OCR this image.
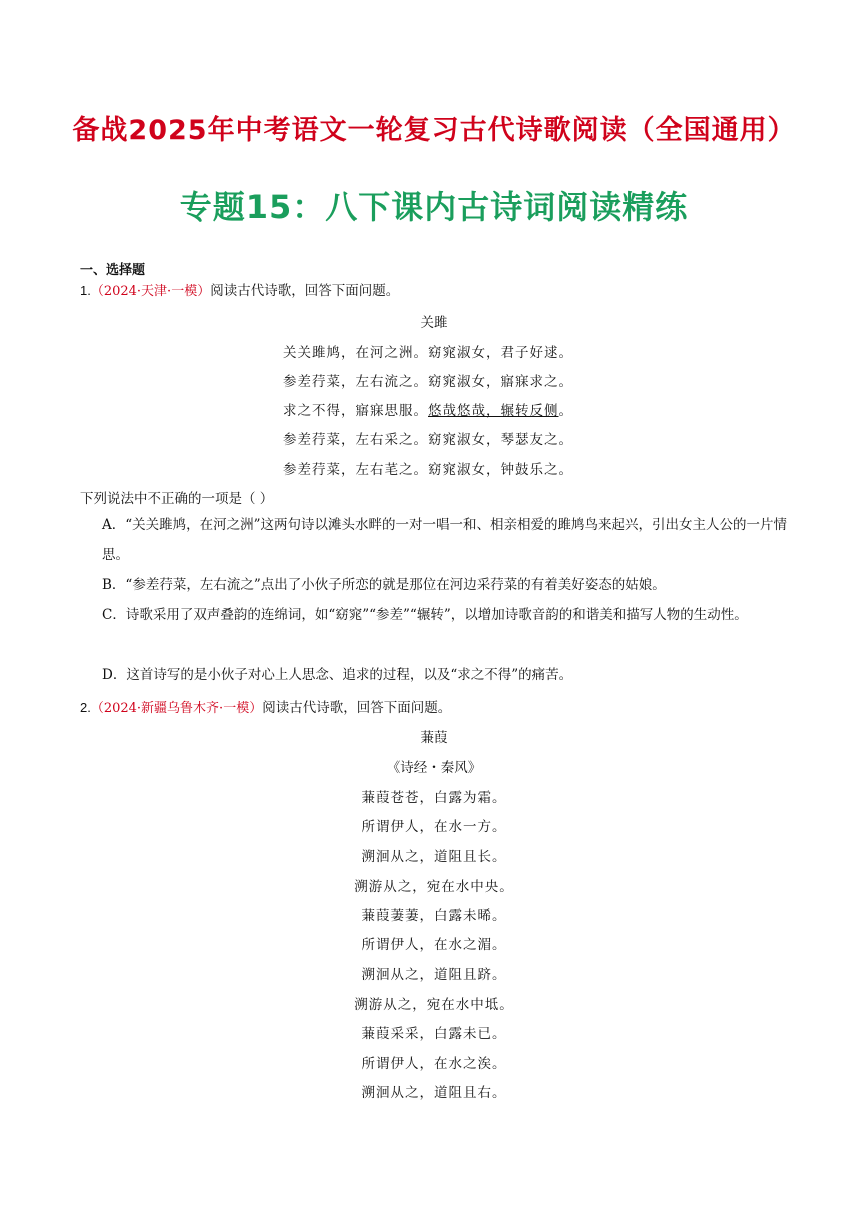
备战2025年中考语文一轮复习古代诗歌阅读（全国通用）
专题15：八下课内古诗词阅读精练
一、选择题
1.（2024·天津·一模）阅读古代诗歌，回答下面问题。
关雎
关关雎鸠，在河之洲。窈窕淑女，君子好逑。
参差荇菜，左右流之。窈窕淑女，寤寐求之。
求之不得，寤寐思服。悠哉悠哉，辗转反侧。
参差荇菜，左右采之。窈窕淑女，琴瑟友之。
参差荇菜，左右芼之。窈窕淑女，钟鼓乐之。
下列说法中不正确的一项是（ ）
A．“关关雎鸠，在河之洲”这两句诗以滩头水畔的一对一唱一和、相亲相爱的雎鸠鸟来起兴，引出女主人公的一片情思。
B．“参差荇菜，左右流之”点出了小伙子所恋的就是那位在河边采荇菜的有着美好姿态的姑娘。
C．诗歌采用了双声叠韵的连绵词，如“窈窕”“参差”“辗转”，以增加诗歌音韵的和谐美和描写人物的生动性。
D．这首诗写的是小伙子对心上人思念、追求的过程，以及“求之不得”的痛苦。
2.（2024·新疆乌鲁木齐·一模）阅读古代诗歌，回答下面问题。
蒹葭
《诗经・秦风》
蒹葭苍苍，白露为霜。
所谓伊人，在水一方。
溯洄从之，道阻且长。
溯游从之，宛在水中央。
蒹葭萋萋，白露未晞。
所谓伊人，在水之湄。
溯洄从之，道阻且跻。
溯游从之，宛在水中坻。
蒹葭采采，白露未已。
所谓伊人，在水之涘。
溯洄从之，道阻且右。
